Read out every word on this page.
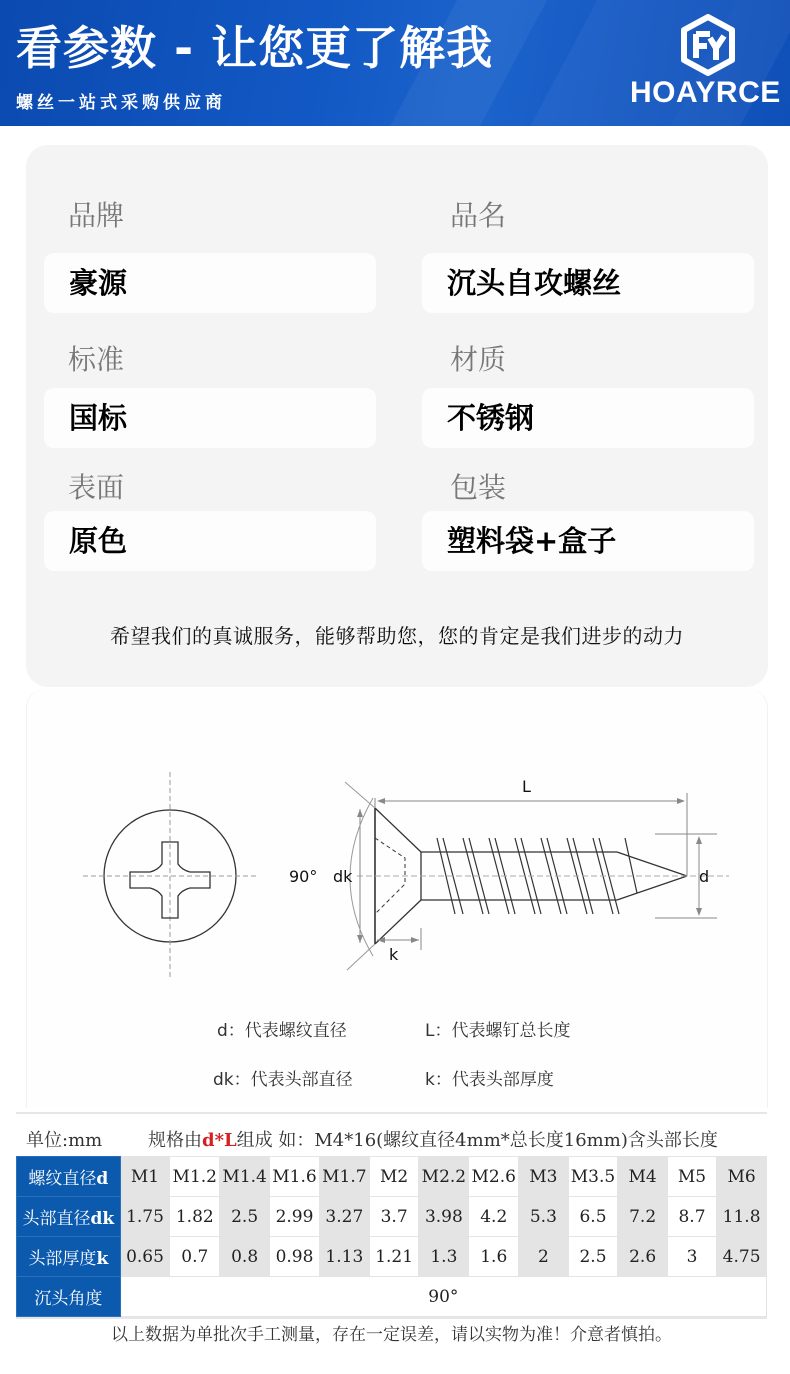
看参数 - 让您更了解我
螺丝一站式采购供应商	HOAYRCE
品牌
豪源
品名
沉头自攻螺丝
标准
国标
材质
不锈钢
表面
原色
包装
塑料袋+盒子
希望我们的真诚服务，能够帮助您，您的肯定是我们进步的动力
L
dk	d
k
90°
d：代表螺纹直径	L：代表螺钉总长度
dk：代表头部直径	k：代表头部厚度
单位:mm	规格由d*L组成 如：M4*16(螺纹直径4mm*总长度16mm)含头部长度
螺纹直径d	M1	M1.2	M1.4	M1.6	M1.7	M2	M2.2	M2.6	M3	M3.5	M4	M5	M6
头部直径dk	1.75	1.82	2.5	2.99	3.27	3.7	3.98	4.2	5.3	6.5	7.2	8.7	11.8
头部厚度k	0.65	0.7	0.8	0.98	1.13	1.21	1.3	1.6	2	2.5	2.6	3	4.75
沉头角度	90°												
以上数据为单批次手工测量，存在一定误差，请以实物为准！介意者慎拍。
